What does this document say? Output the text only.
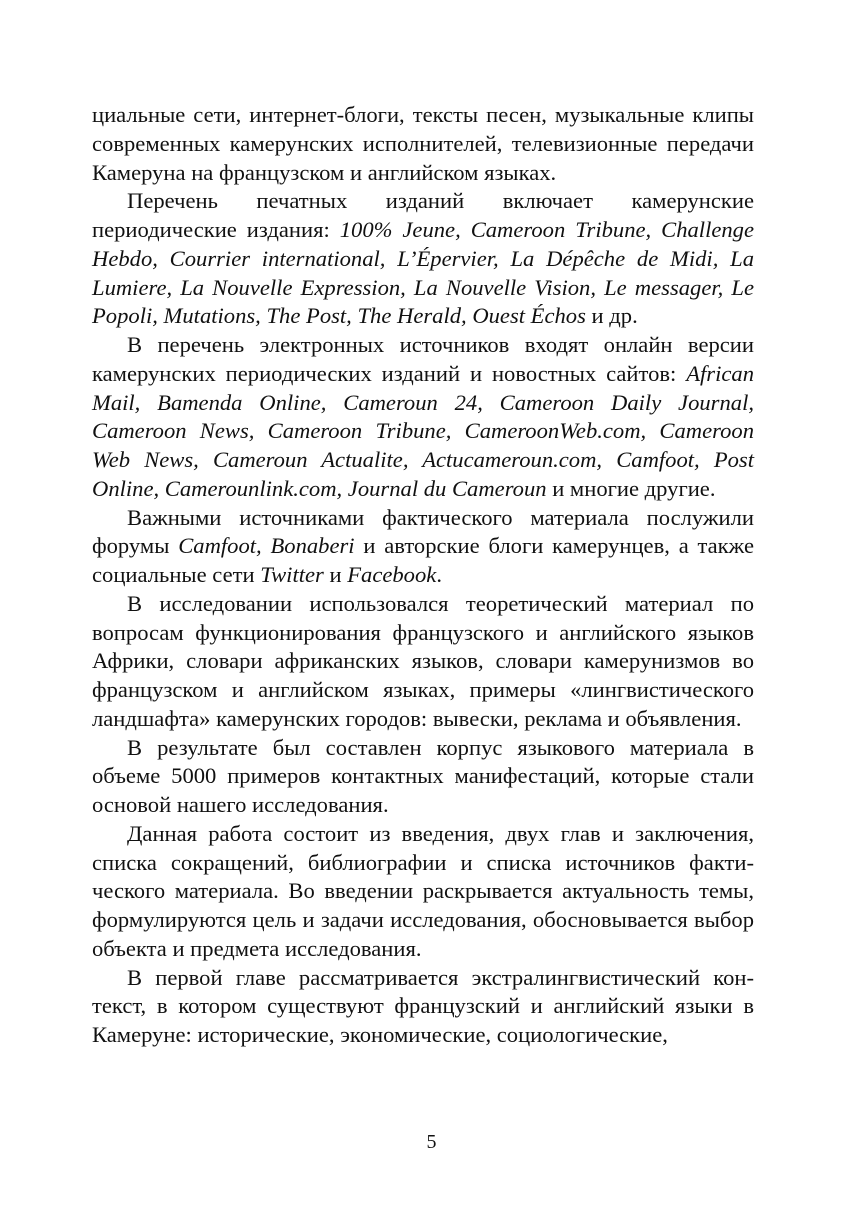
циальные сети, интернет-блоги, тексты песен, музыкальные клипы современных камерунских исполнителей, телевизионные передачи Камеруна на французском и английском языках.

Перечень печатных изданий включает камерунские периодические издания: 100% Jeune, Cameroon Tribune, Challenge Hebdo, Courrier international, L’Épervier, La Dépêche de Midi, La Lumiere, La Nouvelle Expression, La Nouvelle Vision, Le messager, Le Popoli, Mutations, The Post, The Herald, Ouest Échos и др.

В перечень электронных источников входят онлайн версии камерунских периодических изданий и новостных сайтов: African Mail, Bamenda Online, Cameroun 24, Cameroon Daily Journal, Cameroon News, Cameroon Tribune, CameroonWeb.com, Cameroon Web News, Cameroun Actualite, Actucameroun.com, Camfoot, Post Online, Camerounlink.com, Journal du Cameroun и многие другие.

Важными источниками фактического материала послужили форумы Camfoot, Bonaberi и авторские блоги камерунцев, а также социальные сети Twitter и Facebook.

В исследовании использовался теоретический материал по вопросам функционирования французского и английского языков Африки, словари африканских языков, словари камерунизмов во французском и английском языках, примеры «лингвистического ландшафта» камерунских городов: вывески, реклама и объявления.

В результате был составлен корпус языкового материала в объеме 5000 примеров контактных манифестаций, которые стали основой нашего исследования.

Данная работа состоит из введения, двух глав и заключения, списка сокращений, библиографии и списка источников фактического материала. Во введении раскрывается актуальность темы, формулируются цель и задачи исследования, обосновывается выбор объекта и предмета исследования.

В первой главе рассматривается экстралингвистический контекст, в котором существуют французский и английский языки в Камеруне: исторические, экономические, социологические,

5
